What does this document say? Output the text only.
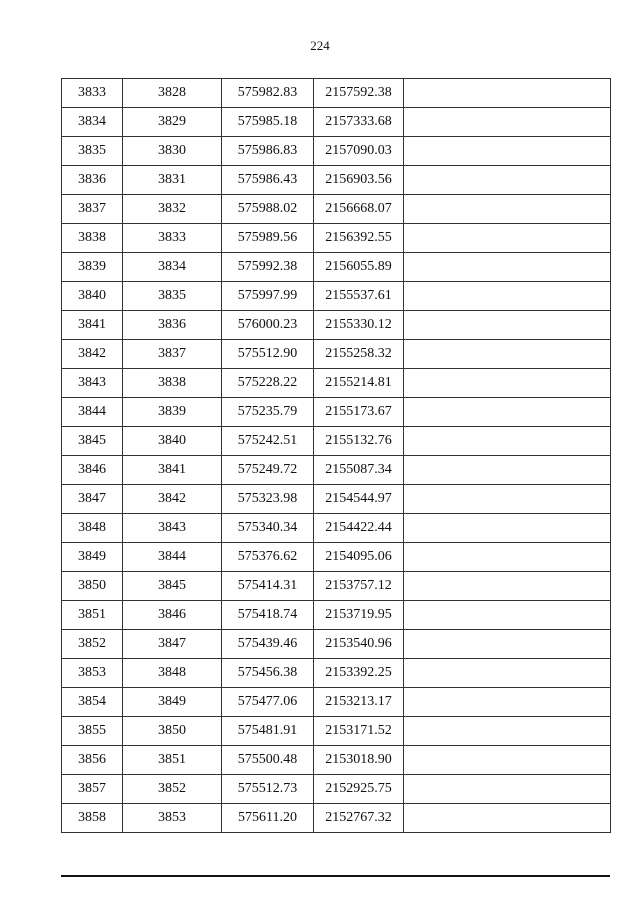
224
3833	3828	575982.83	2157592.38	
3834	3829	575985.18	2157333.68	
3835	3830	575986.83	2157090.03	
3836	3831	575986.43	2156903.56	
3837	3832	575988.02	2156668.07	
3838	3833	575989.56	2156392.55	
3839	3834	575992.38	2156055.89	
3840	3835	575997.99	2155537.61	
3841	3836	576000.23	2155330.12	
3842	3837	575512.90	2155258.32	
3843	3838	575228.22	2155214.81	
3844	3839	575235.79	2155173.67	
3845	3840	575242.51	2155132.76	
3846	3841	575249.72	2155087.34	
3847	3842	575323.98	2154544.97	
3848	3843	575340.34	2154422.44	
3849	3844	575376.62	2154095.06	
3850	3845	575414.31	2153757.12	
3851	3846	575418.74	2153719.95	
3852	3847	575439.46	2153540.96	
3853	3848	575456.38	2153392.25	
3854	3849	575477.06	2153213.17	
3855	3850	575481.91	2153171.52	
3856	3851	575500.48	2153018.90	
3857	3852	575512.73	2152925.75	
3858	3853	575611.20	2152767.32	
